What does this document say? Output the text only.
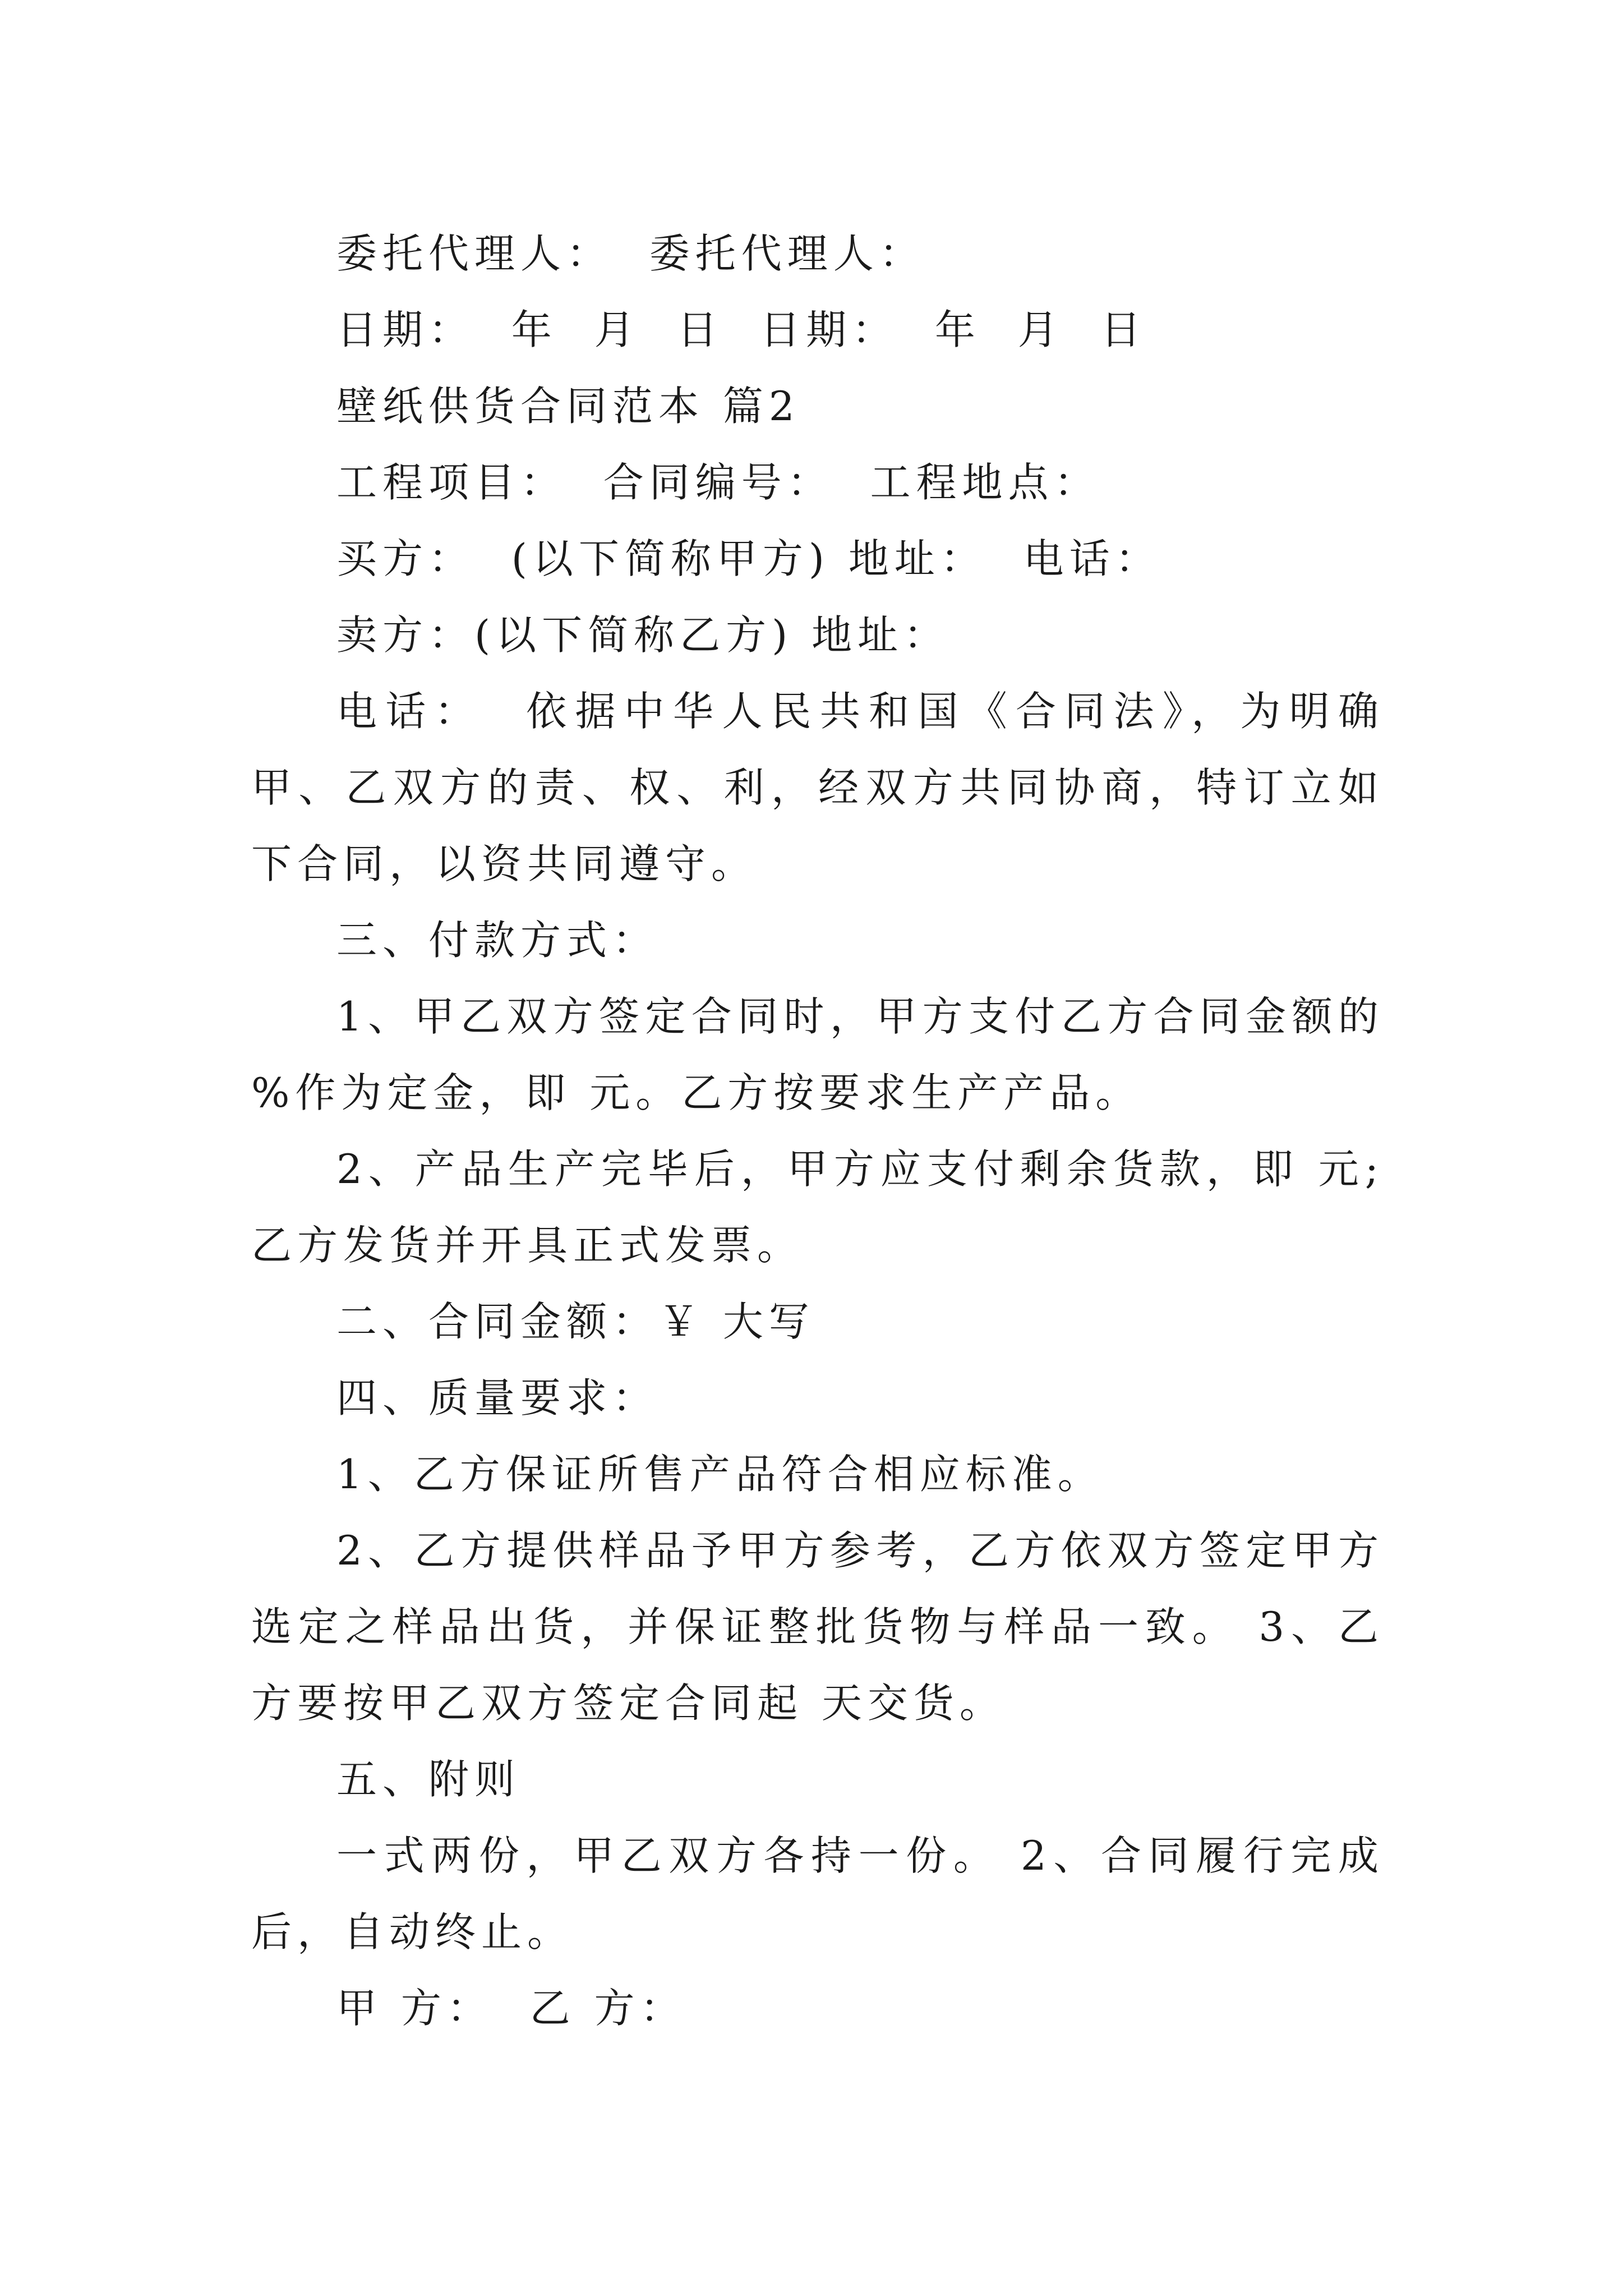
委托代理人：  委托代理人：

日期：  年  月  日  日期：  年  月  日

壁纸供货合同范本 篇2

工程项目：  合同编号：  工程地点：

买方：  (以下简称甲方) 地址：  电话：

卖方：(以下简称乙方) 地址：

电话：  依据中华人民共和国《合同法》，为明确甲、乙双方的责、权、利，经双方共同协商，特订立如下合同，以资共同遵守。

三、付款方式：

1、甲乙双方签定合同时，甲方支付乙方合同金额的 %作为定金，即 元。乙方按要求生产产品。

2、产品生产完毕后，甲方应支付剩余货款，即 元;乙方发货并开具正式发票。

二、合同金额：￥ 大写

四、质量要求：

1、乙方保证所售产品符合相应标准。

2、乙方提供样品予甲方参考，乙方依双方签定甲方选定之样品出货，并保证整批货物与样品一致。 3、乙方要按甲乙双方签定合同起 天交货。

五、附则

一式两份，甲乙双方各持一份。 2、合同履行完成后，自动终止。

甲 方：  乙 方：
